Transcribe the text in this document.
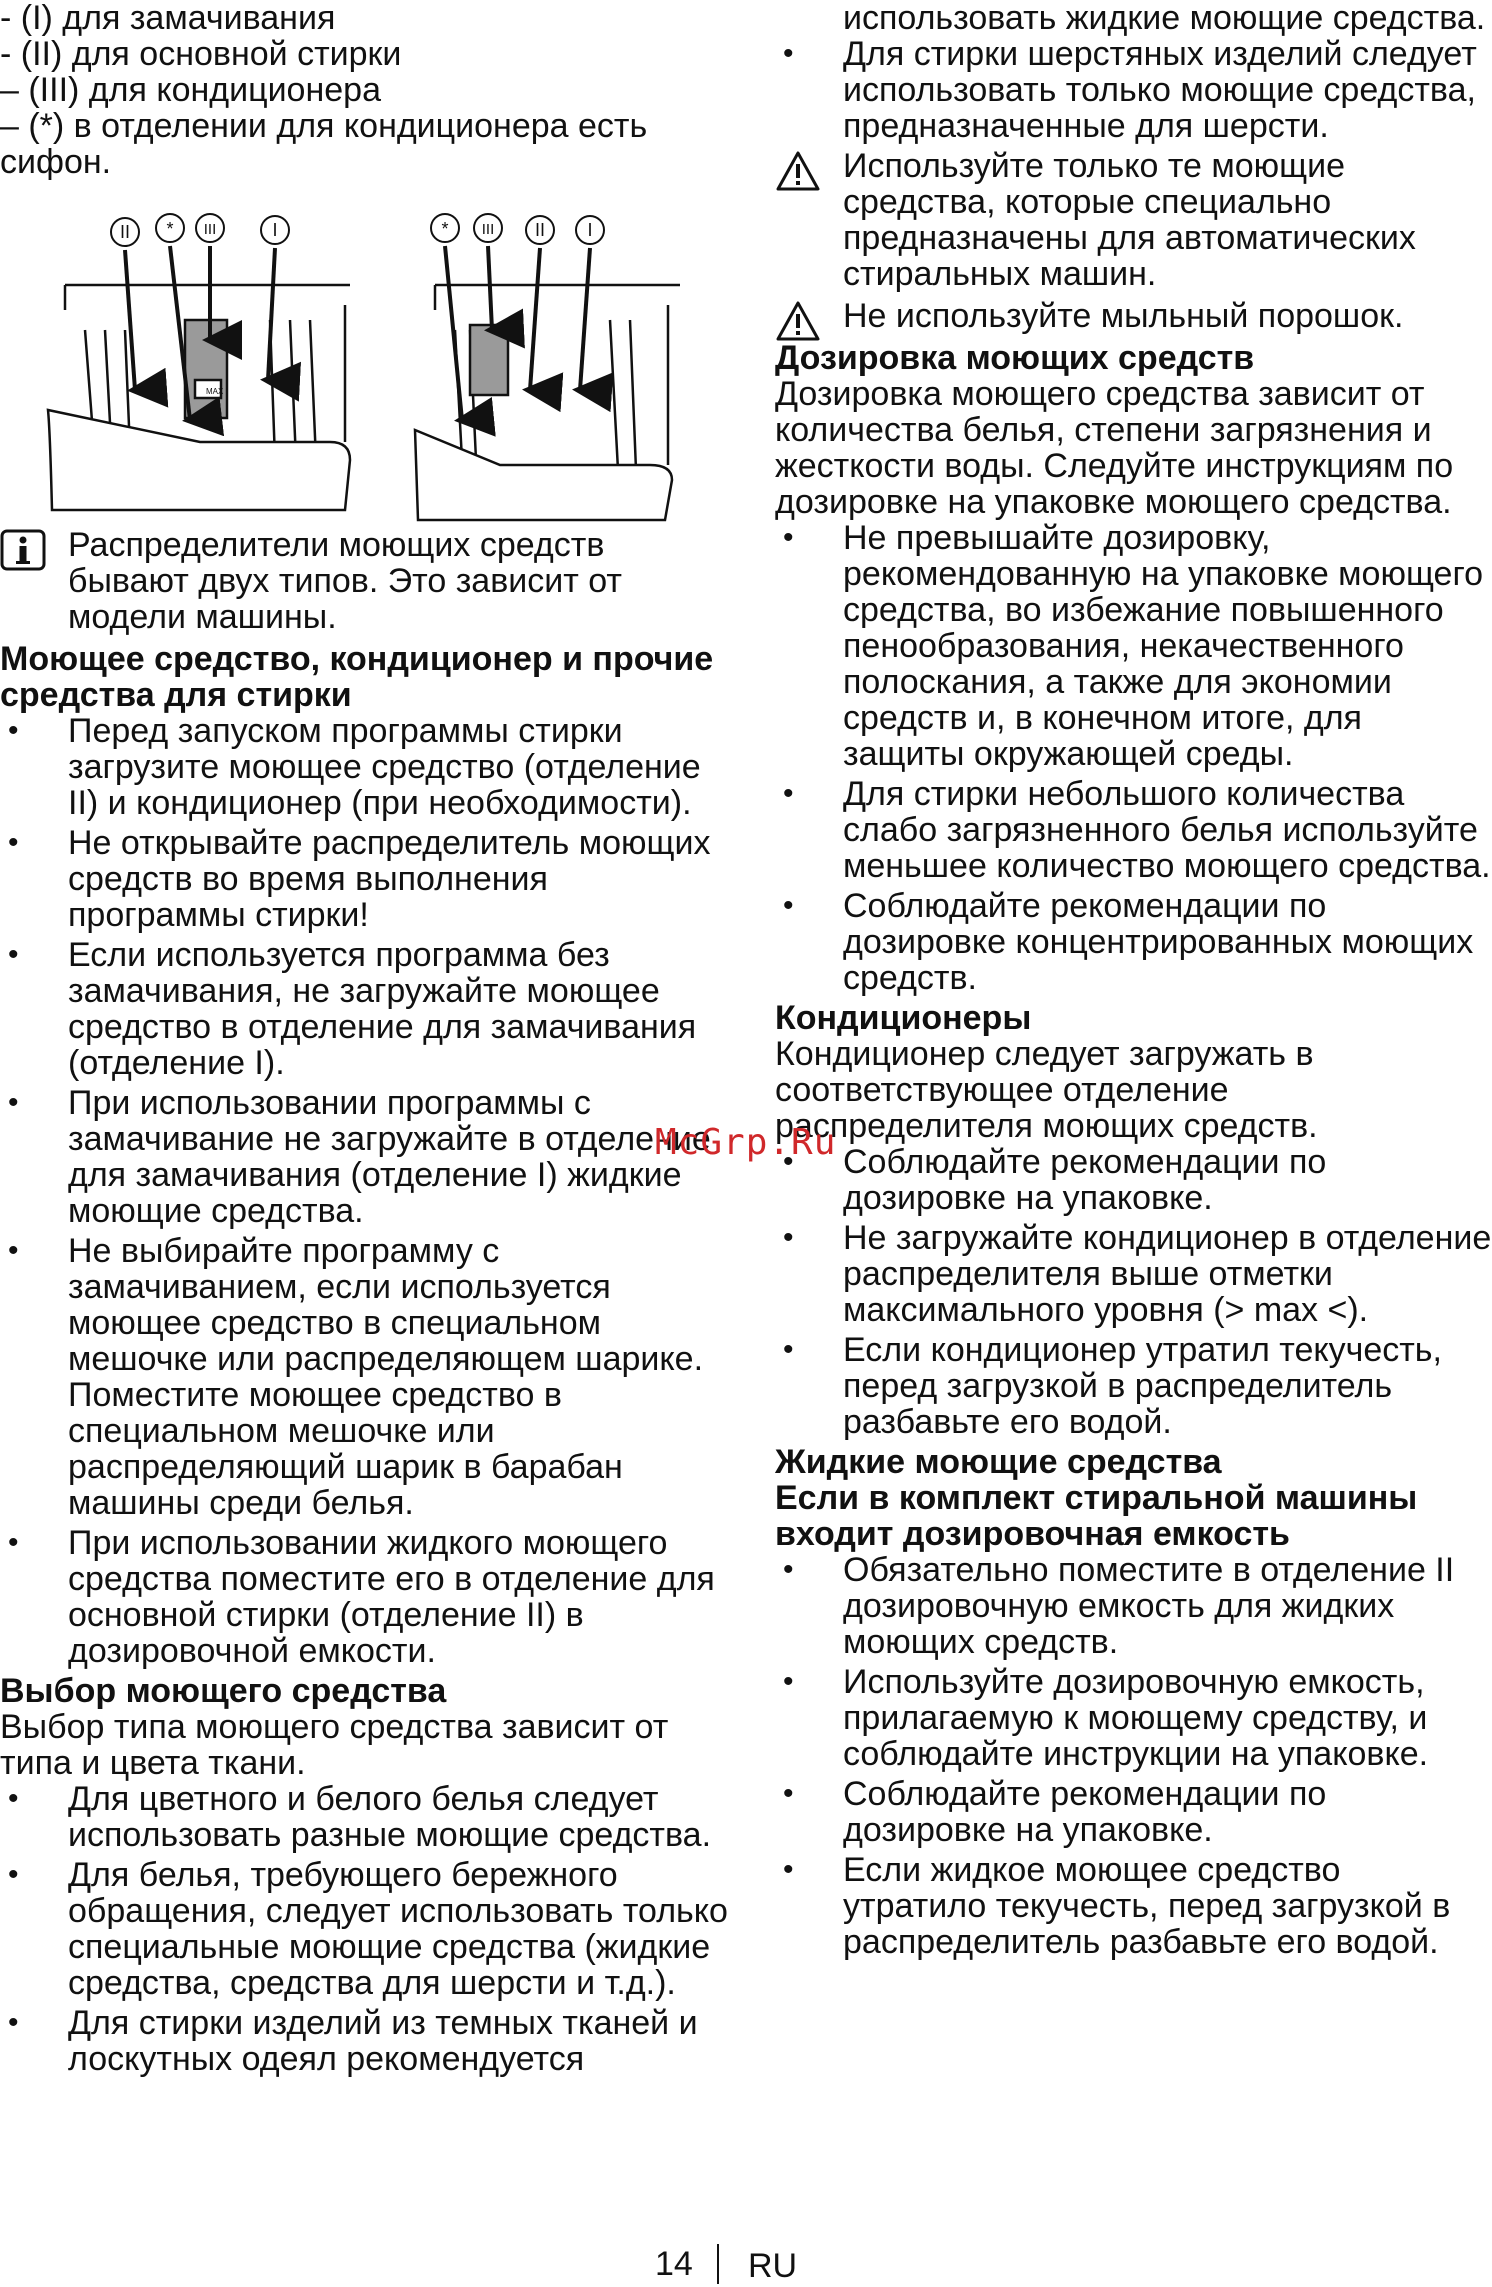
- (I) для замачивания

- (II) для основной стирки

– (III) для кондиционера

– (*) в отделении для кондиционера есть сифон.

MAX
II * III	I	* III II I
Распределители моющих средств бывают двух типов. Это зависит от модели машины.

Моющее средство, кондиционер и прочие средства для стирки

• Перед запуском программы стирки загрузите моющее средство (отделение II) и кондиционер (при необходимости).
• Не открывайте распределитель моющих средств во время выполнения программы стирки!
• Если используется программа без замачивания, не загружайте моющее средство в отделение для замачивания (отделение I).
• При использовании программы с замачивание не загружайте в отделение для замачивания (отделение I) жидкие моющие средства.
• Не выбирайте программу с замачиванием, если используется моющее средство в специальном мешочке или распределяющем шарике. Поместите моющее средство в специальном мешочке или распределяющий шарик в барабан машины среди белья.
• При использовании жидкого моющего средства поместите его в отделение для основной стирки (отделение II) в дозировочной емкости.

Выбор моющего средства

Выбор типа моющего средства зависит от типа и цвета ткани.

• Для цветного и белого белья следует использовать разные моющие средства.
• Для белья, требующего бережного обращения, следует использовать только специальные моющие средства (жидкие средства, средства для шерсти и т.д.).
• Для стирки изделий из темных тканей и лоскутных одеял рекомендуется

использовать жидкие моющие средства.

• Для стирки шерстяных изделий следует использовать только моющие средства, предназначенные для шерсти.
Используйте только те моющие средства, которые специально предназначены для автоматических стиральных машин.
Не используйте мыльный порошок.

Дозировка моющих средств

Дозировка моющего средства зависит от количества белья, степени загрязнения и жесткости воды. Следуйте инструкциям по дозировке на упаковке моющего средства.

• Не превышайте дозировку, рекомендованную на упаковке моющего средства, во избежание повышенного пенообразования, некачественного полоскания, а также для экономии средств и, в конечном итоге, для защиты окружающей среды.
• Для стирки небольшого количества слабо загрязненного белья используйте меньшее количество моющего средства.
• Соблюдайте рекомендации по дозировке концентрированных моющих средств.

Кондиционеры

Кондиционер следует загружать в соответствующее отделение распределителя моющих средств.

• Соблюдайте рекомендации по дозировке на упаковке.
• Не загружайте кондиционер в отделение распределителя выше отметки максимального уровня (> max <).
• Если кондиционер утратил текучесть, перед загрузкой в распределитель разбавьте его водой.

Жидкие моющие средства

Если в комплект стиральной машины входит дозировочная емкость

• Обязательно поместите в отделение II дозировочную емкость для жидких моющих средств.
• Используйте дозировочную емкость, прилагаемую к моющему средству, и соблюдайте инструкции на упаковке.
• Соблюдайте рекомендации по дозировке на упаковке.
• Если жидкое моющее средство утратило текучесть, перед загрузкой в распределитель разбавьте его водой.
McGrp.Ru
14 RU
